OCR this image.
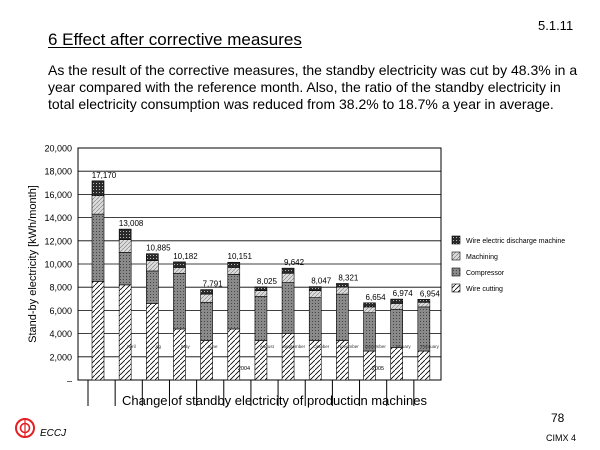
5.1.11
6 Effect after corrective measures
As the result of the corrective measures, the standby electricity was cut by 48.3% in a year compared with the reference month. Also, the ratio of the standby electricity in total electricity consumption was reduced from 38.2% to 18.7% a year in average.
–
2,000
4,000
6,000
8,000
10,000
12,000
14,000
16,000
18,000
20,000
Stand-by electricity [kWh/month]
17,170
13,008
April
10,885
Ag
10,182
May
7,791
June
10,151
8,025
August
9,642
September
8,047
October
8,321
November
6,654
December
6,974
January
6,954
February
2004	2005
Wire electric discharge machine
Machining
Compressor
Wire cutting
Change of standby electricity of production machines
78
CIMX 4
ECCJ
